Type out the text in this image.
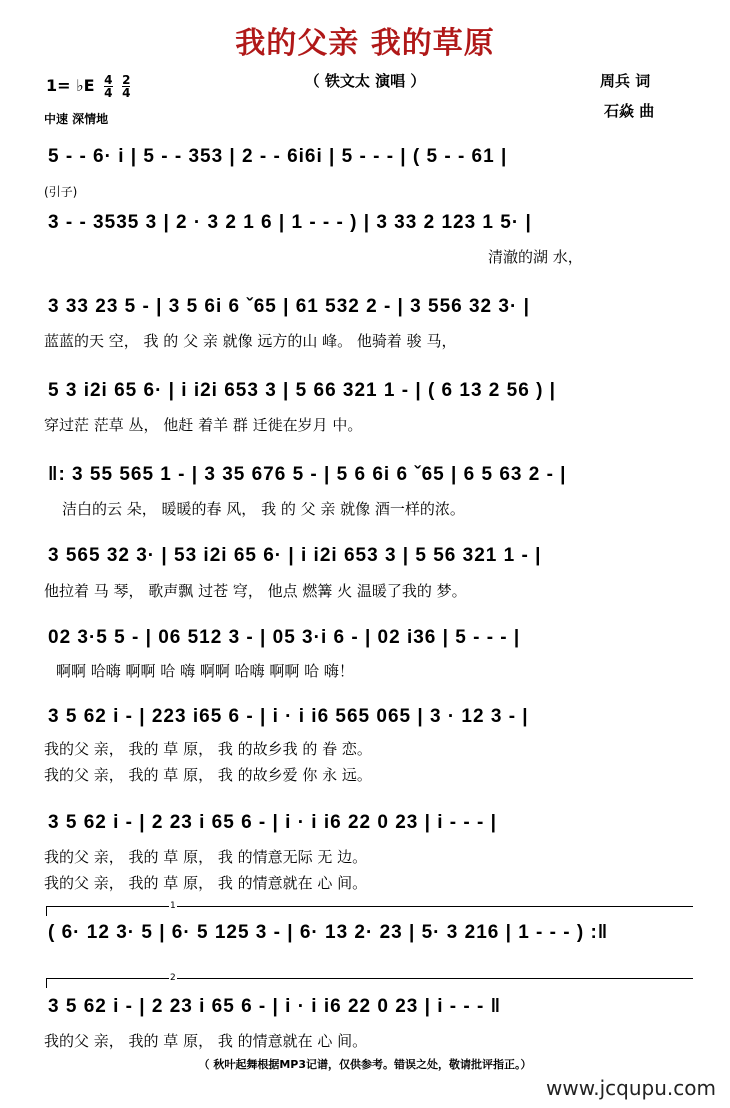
我的父亲 我的草原
（ 铁文太 演唱 ）	周兵 词
石焱 曲
1= ♭E $\frac{4}{4}$
$\frac{2}{4}$
中速 深情地
5 - - 6· i | 5 - - 353 | 2 - - 6i6i | 5 - - - | ( 5 - - 61 |
(引子)
3 - - 3535 3 | 2 · 3 2 1 6 | 1 - - - ) | 3 33 2 123 1 5· |
清澈的湖 水，
3 33 23 5 - | 3 5 6i 6 ˇ65 | 61 532 2 - | 3 556 32 3· |
蓝蓝的天 空， 我 的 父 亲 就像 远方的山 峰。 他骑着 骏 马，
5 3 i2i 65 6· | i i2i 653 3 | 5 66 321 1 - | ( 6 13 2 56 ) |
穿过茫 茫草 丛， 他赶 着羊 群 迁徙在岁月 中。
‖: 3 55 565 1 - | 3 35 676 5 - | 5 6 6i 6 ˇ65 | 6 5 63 2 - |
洁白的云 朵， 暖暖的春 风， 我 的 父 亲 就像 酒一样的浓。
3 565 32 3· | 53 i2i 65 6· | i i2i 653 3 | 5 56 321 1 - |
他拉着 马 琴， 歌声飘 过苍 穹， 他点 燃篝 火 温暖了我的 梦。
02 3·5 5 - | 06 512 3 - | 05 3·i 6 - | 02 i36 | 5 - - - |
啊啊 哈嗨 啊啊 哈 嗨 啊啊 哈嗨 啊啊 哈 嗨！
3 5 62 i - | 223 i65 6 - | i · i i6 565 065 | 3 · 12 3 - |
我的父 亲， 我的 草 原， 我 的故乡我 的 眷 恋。
我的父 亲， 我的 草 原， 我 的故乡爱 你 永 远。
3 5 62 i - | 2 23 i 65 6 - | i · i i6 22 0 23 | i - - - |
我的父 亲， 我的 草 原， 我 的情意无际 无 边。
我的父 亲， 我的 草 原， 我 的情意就在 心 间。
1
( 6· 12 3· 5 | 6· 5 125 3 - | 6· 13 2· 23 | 5· 3 216 | 1 - - - ) :‖
2
3 5 62 i - | 2 23 i 65 6 - | i · i i6 22 0 23 | i - - - ‖
我的父 亲， 我的 草 原， 我 的情意就在 心 间。
（ 秋叶起舞根据MP3记谱，仅供参考。错误之处，敬请批评指正。）
www.jcqupu.com
